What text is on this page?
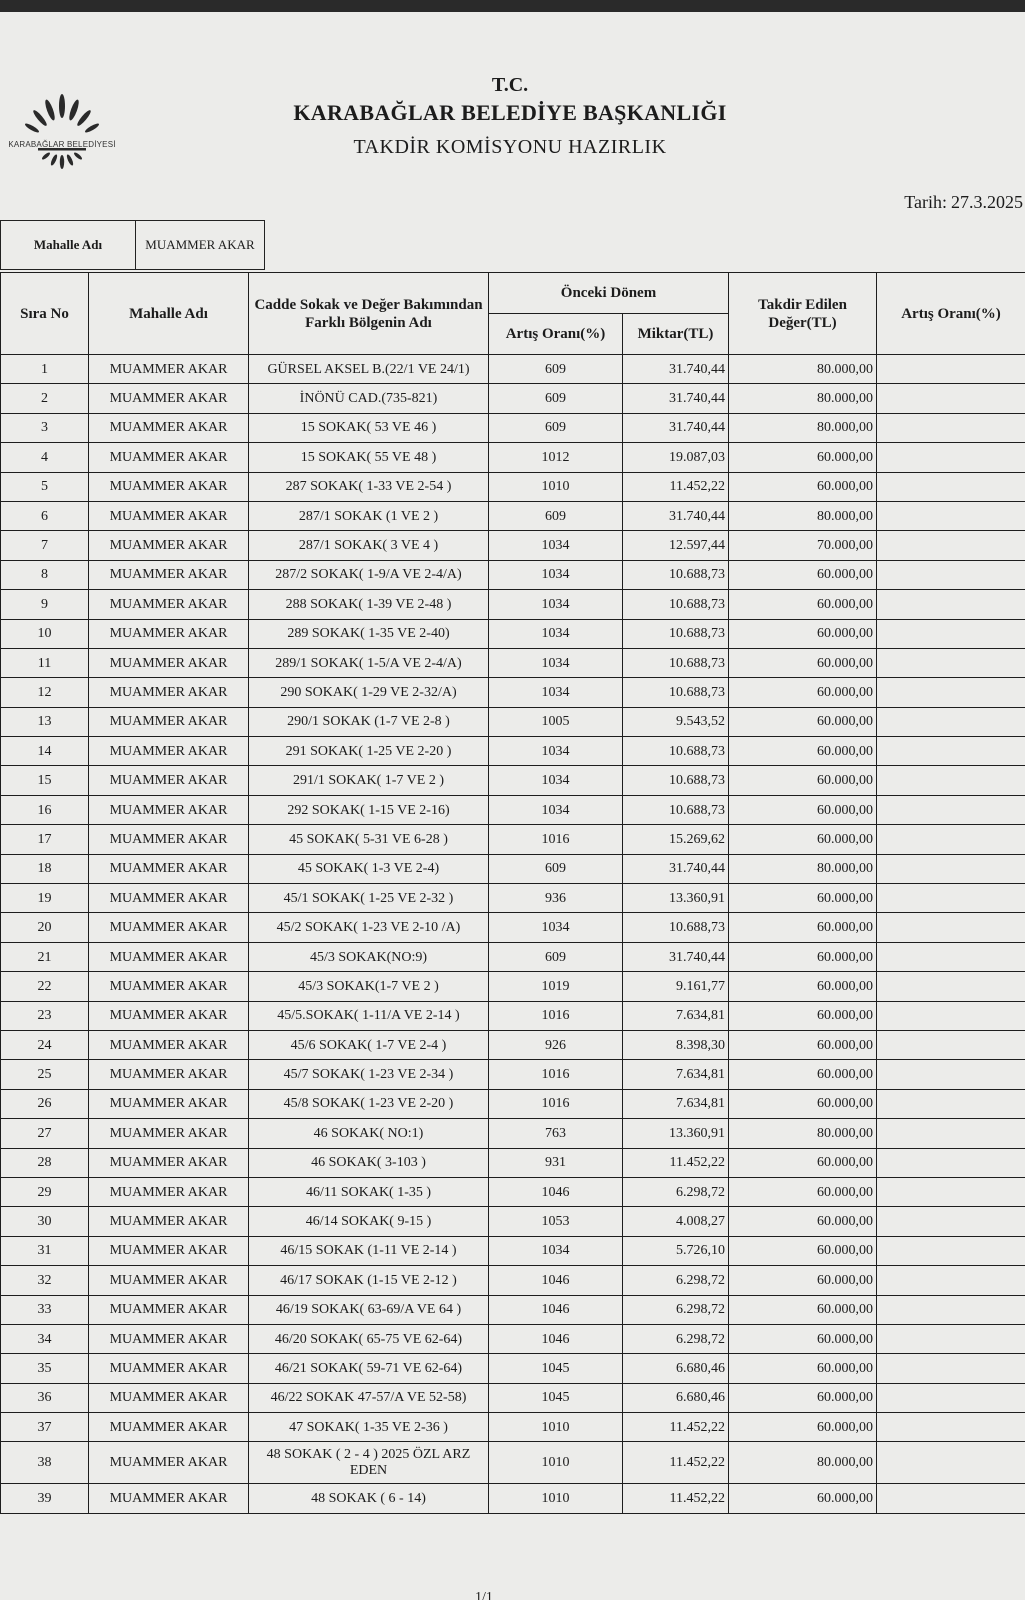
KARABAĞLAR BELEDİYESİ
T.C.
KARABAĞLAR BELEDİYE BAŞKANLIĞI
TAKDİR KOMİSYONU HAZIRLIK
Tarih: 27.3.2025
Mahalle Adı	MUAMMER AKAR
Sıra No	Mahalle Adı	Cadde Sokak ve Değer Bakımından Farklı Bölgenin Adı	Önceki Dönem		Takdir Edilen Değer(TL)	Artış Oranı(%)
			Artış Oranı(%)	Miktar(TL)		
1	MUAMMER AKAR	GÜRSEL AKSEL B.(22/1 VE 24/1)	609	31.740,44	80.000,00	
2	MUAMMER AKAR	İNÖNÜ CAD.(735-821)	609	31.740,44	80.000,00	
3	MUAMMER AKAR	15 SOKAK( 53 VE 46 )	609	31.740,44	80.000,00	
4	MUAMMER AKAR	15 SOKAK( 55 VE 48 )	1012	19.087,03	60.000,00	
5	MUAMMER AKAR	287 SOKAK( 1-33 VE 2-54 )	1010	11.452,22	60.000,00	
6	MUAMMER AKAR	287/1 SOKAK (1 VE 2 )	609	31.740,44	80.000,00	
7	MUAMMER AKAR	287/1 SOKAK( 3 VE 4 )	1034	12.597,44	70.000,00	
8	MUAMMER AKAR	287/2 SOKAK( 1-9/A VE 2-4/A)	1034	10.688,73	60.000,00	
9	MUAMMER AKAR	288 SOKAK( 1-39 VE 2-48 )	1034	10.688,73	60.000,00	
10	MUAMMER AKAR	289 SOKAK( 1-35 VE 2-40)	1034	10.688,73	60.000,00	
11	MUAMMER AKAR	289/1 SOKAK( 1-5/A VE 2-4/A)	1034	10.688,73	60.000,00	
12	MUAMMER AKAR	290 SOKAK( 1-29 VE 2-32/A)	1034	10.688,73	60.000,00	
13	MUAMMER AKAR	290/1 SOKAK (1-7 VE 2-8 )	1005	9.543,52	60.000,00	
14	MUAMMER AKAR	291 SOKAK( 1-25 VE 2-20 )	1034	10.688,73	60.000,00	
15	MUAMMER AKAR	291/1 SOKAK( 1-7 VE 2 )	1034	10.688,73	60.000,00	
16	MUAMMER AKAR	292 SOKAK( 1-15 VE 2-16)	1034	10.688,73	60.000,00	
17	MUAMMER AKAR	45 SOKAK( 5-31 VE 6-28 )	1016	15.269,62	60.000,00	
18	MUAMMER AKAR	45 SOKAK( 1-3 VE 2-4)	609	31.740,44	80.000,00	
19	MUAMMER AKAR	45/1 SOKAK( 1-25 VE 2-32 )	936	13.360,91	60.000,00	
20	MUAMMER AKAR	45/2 SOKAK( 1-23 VE 2-10 /A)	1034	10.688,73	60.000,00	
21	MUAMMER AKAR	45/3 SOKAK(NO:9)	609	31.740,44	60.000,00	
22	MUAMMER AKAR	45/3 SOKAK(1-7 VE 2 )	1019	9.161,77	60.000,00	
23	MUAMMER AKAR	45/5.SOKAK( 1-11/A VE 2-14 )	1016	7.634,81	60.000,00	
24	MUAMMER AKAR	45/6 SOKAK( 1-7 VE 2-4 )	926	8.398,30	60.000,00	
25	MUAMMER AKAR	45/7 SOKAK( 1-23 VE 2-34 )	1016	7.634,81	60.000,00	
26	MUAMMER AKAR	45/8 SOKAK( 1-23 VE 2-20 )	1016	7.634,81	60.000,00	
27	MUAMMER AKAR	46 SOKAK( NO:1)	763	13.360,91	80.000,00	
28	MUAMMER AKAR	46 SOKAK( 3-103 )	931	11.452,22	60.000,00	
29	MUAMMER AKAR	46/11 SOKAK( 1-35 )	1046	6.298,72	60.000,00	
30	MUAMMER AKAR	46/14 SOKAK( 9-15 )	1053	4.008,27	60.000,00	
31	MUAMMER AKAR	46/15 SOKAK (1-11 VE 2-14 )	1034	5.726,10	60.000,00	
32	MUAMMER AKAR	46/17 SOKAK (1-15 VE 2-12 )	1046	6.298,72	60.000,00	
33	MUAMMER AKAR	46/19 SOKAK( 63-69/A VE 64 )	1046	6.298,72	60.000,00	
34	MUAMMER AKAR	46/20 SOKAK( 65-75 VE 62-64)	1046	6.298,72	60.000,00	
35	MUAMMER AKAR	46/21 SOKAK( 59-71 VE 62-64)	1045	6.680,46	60.000,00	
36	MUAMMER AKAR	46/22 SOKAK 47-57/A VE 52-58)	1045	6.680,46	60.000,00	
37	MUAMMER AKAR	47 SOKAK( 1-35 VE 2-36 )	1010	11.452,22	60.000,00	
38	MUAMMER AKAR	48 SOKAK ( 2 - 4 ) 2025 ÖZL ARZ EDEN	1010	11.452,22	80.000,00	
39	MUAMMER AKAR	48 SOKAK ( 6 - 14)	1010	11.452,22	60.000,00	
1/1
